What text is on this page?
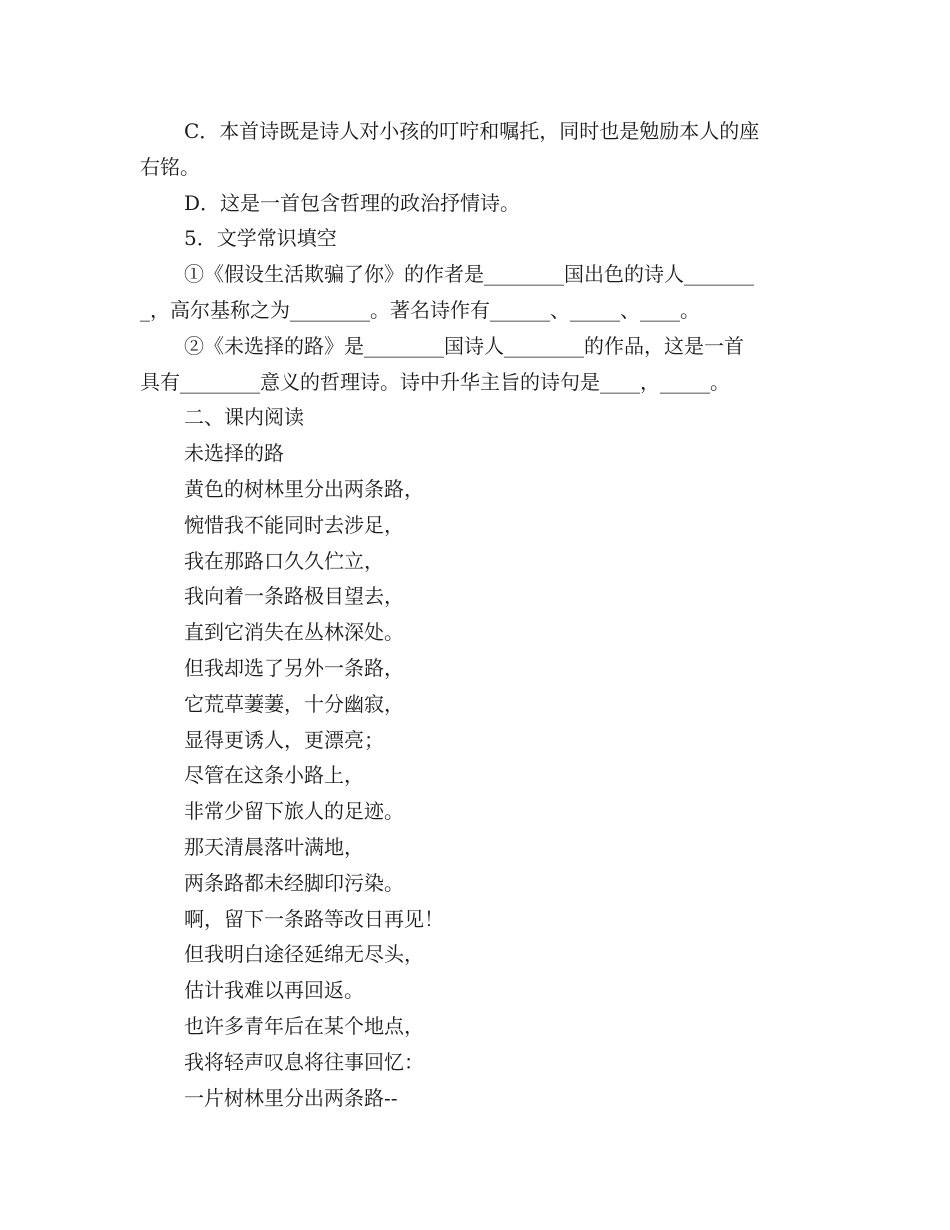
C．本首诗既是诗人对小孩的叮咛和嘱托，同时也是勉励本人的座
右铭。
D．这是一首包含哲理的政治抒情诗。
5．文学常识填空
①《假设生活欺骗了你》的作者是________国出色的诗人_______
_，高尔基称之为________。著名诗作有______、_____、____。
②《未选择的路》是________国诗人________的作品，这是一首
具有________意义的哲理诗。诗中升华主旨的诗句是____，_____。
二、课内阅读
未选择的路
黄色的树林里分出两条路，
惋惜我不能同时去涉足，
我在那路口久久伫立，
我向着一条路极目望去，
直到它消失在丛林深处。
但我却选了另外一条路，
它荒草萋萋，十分幽寂，
显得更诱人，更漂亮；
尽管在这条小路上，
非常少留下旅人的足迹。
那天清晨落叶满地，
两条路都未经脚印污染。
啊，留下一条路等改日再见！
但我明白途径延绵无尽头，
估计我难以再回返。
也许多青年后在某个地点，
我将轻声叹息将往事回忆：
一片树林里分出两条路--
